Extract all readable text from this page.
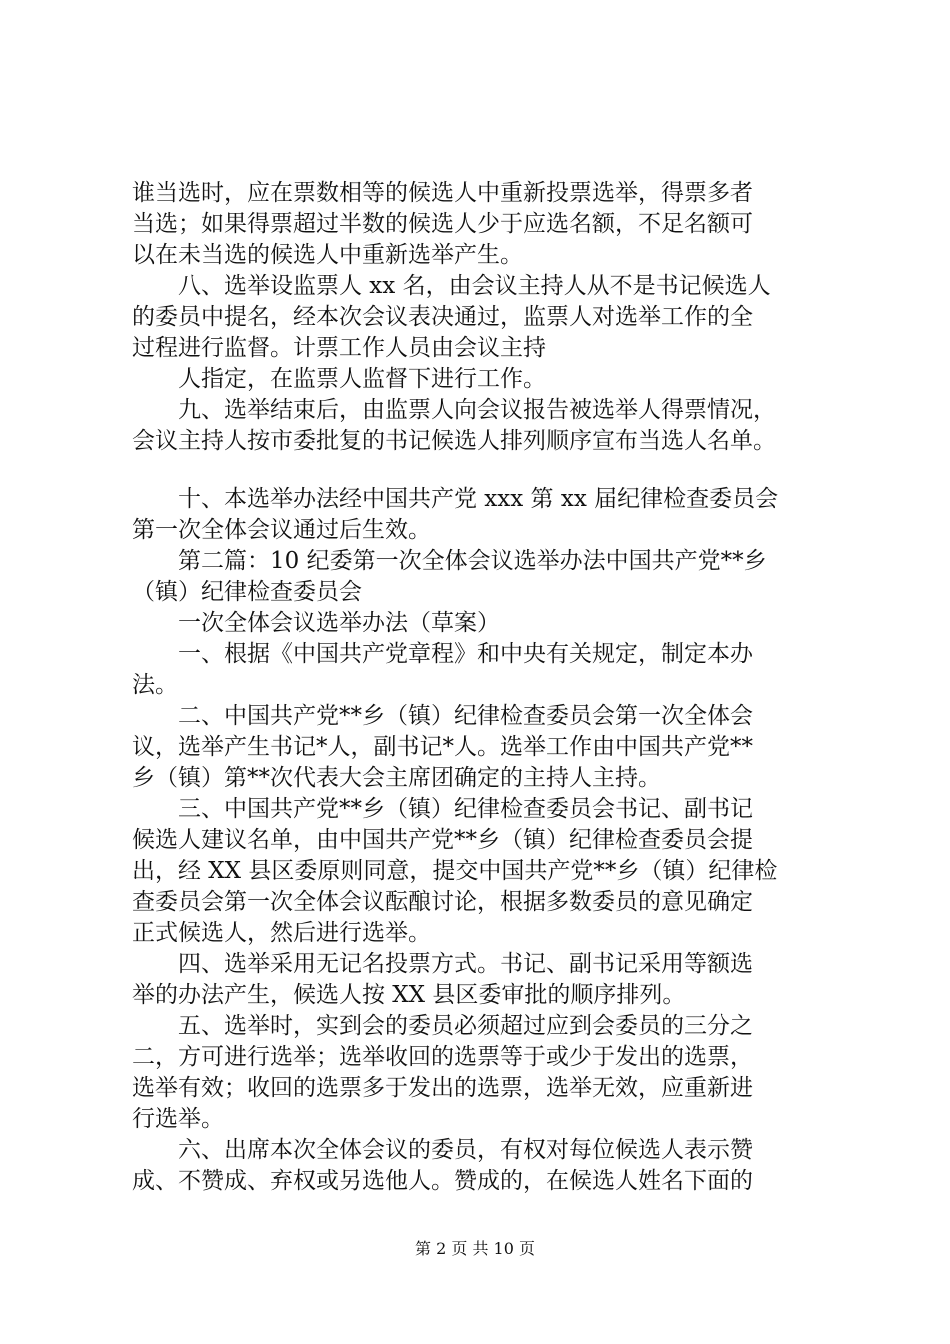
谁当选时，应在票数相等的候选人中重新投票选举，得票多者
当选；如果得票超过半数的候选人少于应选名额，不足名额可
以在未当选的候选人中重新选举产生。
八、选举设监票人 xx 名，由会议主持人从不是书记候选人
的委员中提名，经本次会议表决通过，监票人对选举工作的全
过程进行监督。计票工作人员由会议主持
人指定，在监票人监督下进行工作。
九、选举结束后，由监票人向会议报告被选举人得票情况，
会议主持人按市委批复的书记候选人排列顺序宣布当选人名单。
十、本选举办法经中国共产党 xxx 第 xx 届纪律检查委员会
第一次全体会议通过后生效。
第二篇：10 纪委第一次全体会议选举办法中国共产党**乡
（镇）纪律检查委员会
一次全体会议选举办法（草案）
一、根据《中国共产党章程》和中央有关规定，制定本办
法。
二、中国共产党**乡（镇）纪律检查委员会第一次全体会
议，选举产生书记*人，副书记*人。选举工作由中国共产党**
乡（镇）第**次代表大会主席团确定的主持人主持。
三、中国共产党**乡（镇）纪律检查委员会书记、副书记
候选人建议名单，由中国共产党**乡（镇）纪律检查委员会提
出，经 XX 县区委原则同意，提交中国共产党**乡（镇）纪律检
查委员会第一次全体会议酝酿讨论，根据多数委员的意见确定
正式候选人，然后进行选举。
四、选举采用无记名投票方式。书记、副书记采用等额选
举的办法产生，候选人按 XX 县区委审批的顺序排列。
五、选举时，实到会的委员必须超过应到会委员的三分之
二，方可进行选举；选举收回的选票等于或少于发出的选票，
选举有效；收回的选票多于发出的选票，选举无效，应重新进
行选举。
六、出席本次全体会议的委员，有权对每位候选人表示赞
成、不赞成、弃权或另选他人。赞成的，在候选人姓名下面的
第 2 页 共 10 页
